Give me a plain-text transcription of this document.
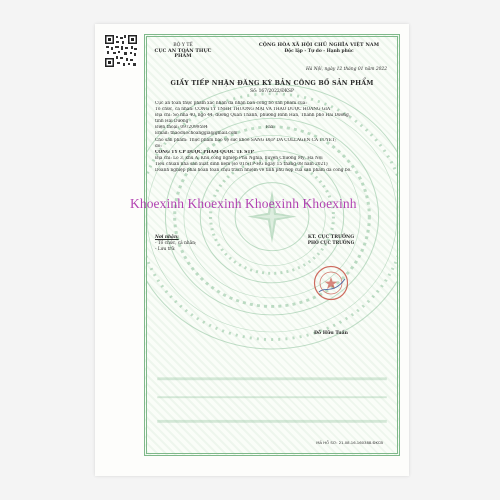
BỘ Y TẾ
CỤC AN TOÀN THỰC PHẨM
CỘNG HÒA XÃ HỘI CHỦ NGHĨA VIỆT NAM
Độc lập - Tự do - Hạnh phúc
Hà Nội, ngày 12 tháng 01 năm 2022
GIẤY TIẾP NHẬN ĐĂNG KÝ BẢN CÔNG BỐ SẢN PHẨM
Số: 167/2022/ĐKSP
Cục an toàn thực phẩm xác nhận đã nhận bản công bố sản phẩm của:
Tổ chức, cá nhân: CÔNG TY TNHH THƯƠNG MẠI VÀ THẢO DƯỢC HOÀNG GIA
Địa chỉ: Số nhà 40, ngõ 44, đường Quán Thánh, phường Bình Hàn, Thành phố Hải Dương,
tỉnh Hải Dương
Điện thoại: 0972099584	Fax:
Email: thaoduochoanggia@gmail.com
Cho sản phẩm: Thực phẩm bảo vệ sức khỏe SÁNG ĐẸP DA COLLAGEN CÁ TUYẾT;
do:
CÔNG TY CP DƯỢC PHẨM QUỐC TẾ STP
Địa chỉ: Lô 3, khu A, Khu công nghiệp Phú Nghĩa, huyện Chương Mỹ, Hà Nội
Tiêu chuẩn nhà sản xuất đính kèm (số 01/STP-HG ngày 15 tháng 08 năm 2021)
Doanh nghiệp phải hoàn toàn chịu trách nhiệm về tính phù hợp của sản phẩm đã công bố.
Nơi nhận:
- Tổ chức, cá nhân;
- Lưu trữ.
KT. CỤC TRƯỞNG
PHÓ CỤC TRƯỞNG
Đỗ Hữu Tuấn
MÃ HỒ SƠ: 21.08.16.160388.ĐKCB
Khoexinh Khoexinh Khoexinh Khoexinh
